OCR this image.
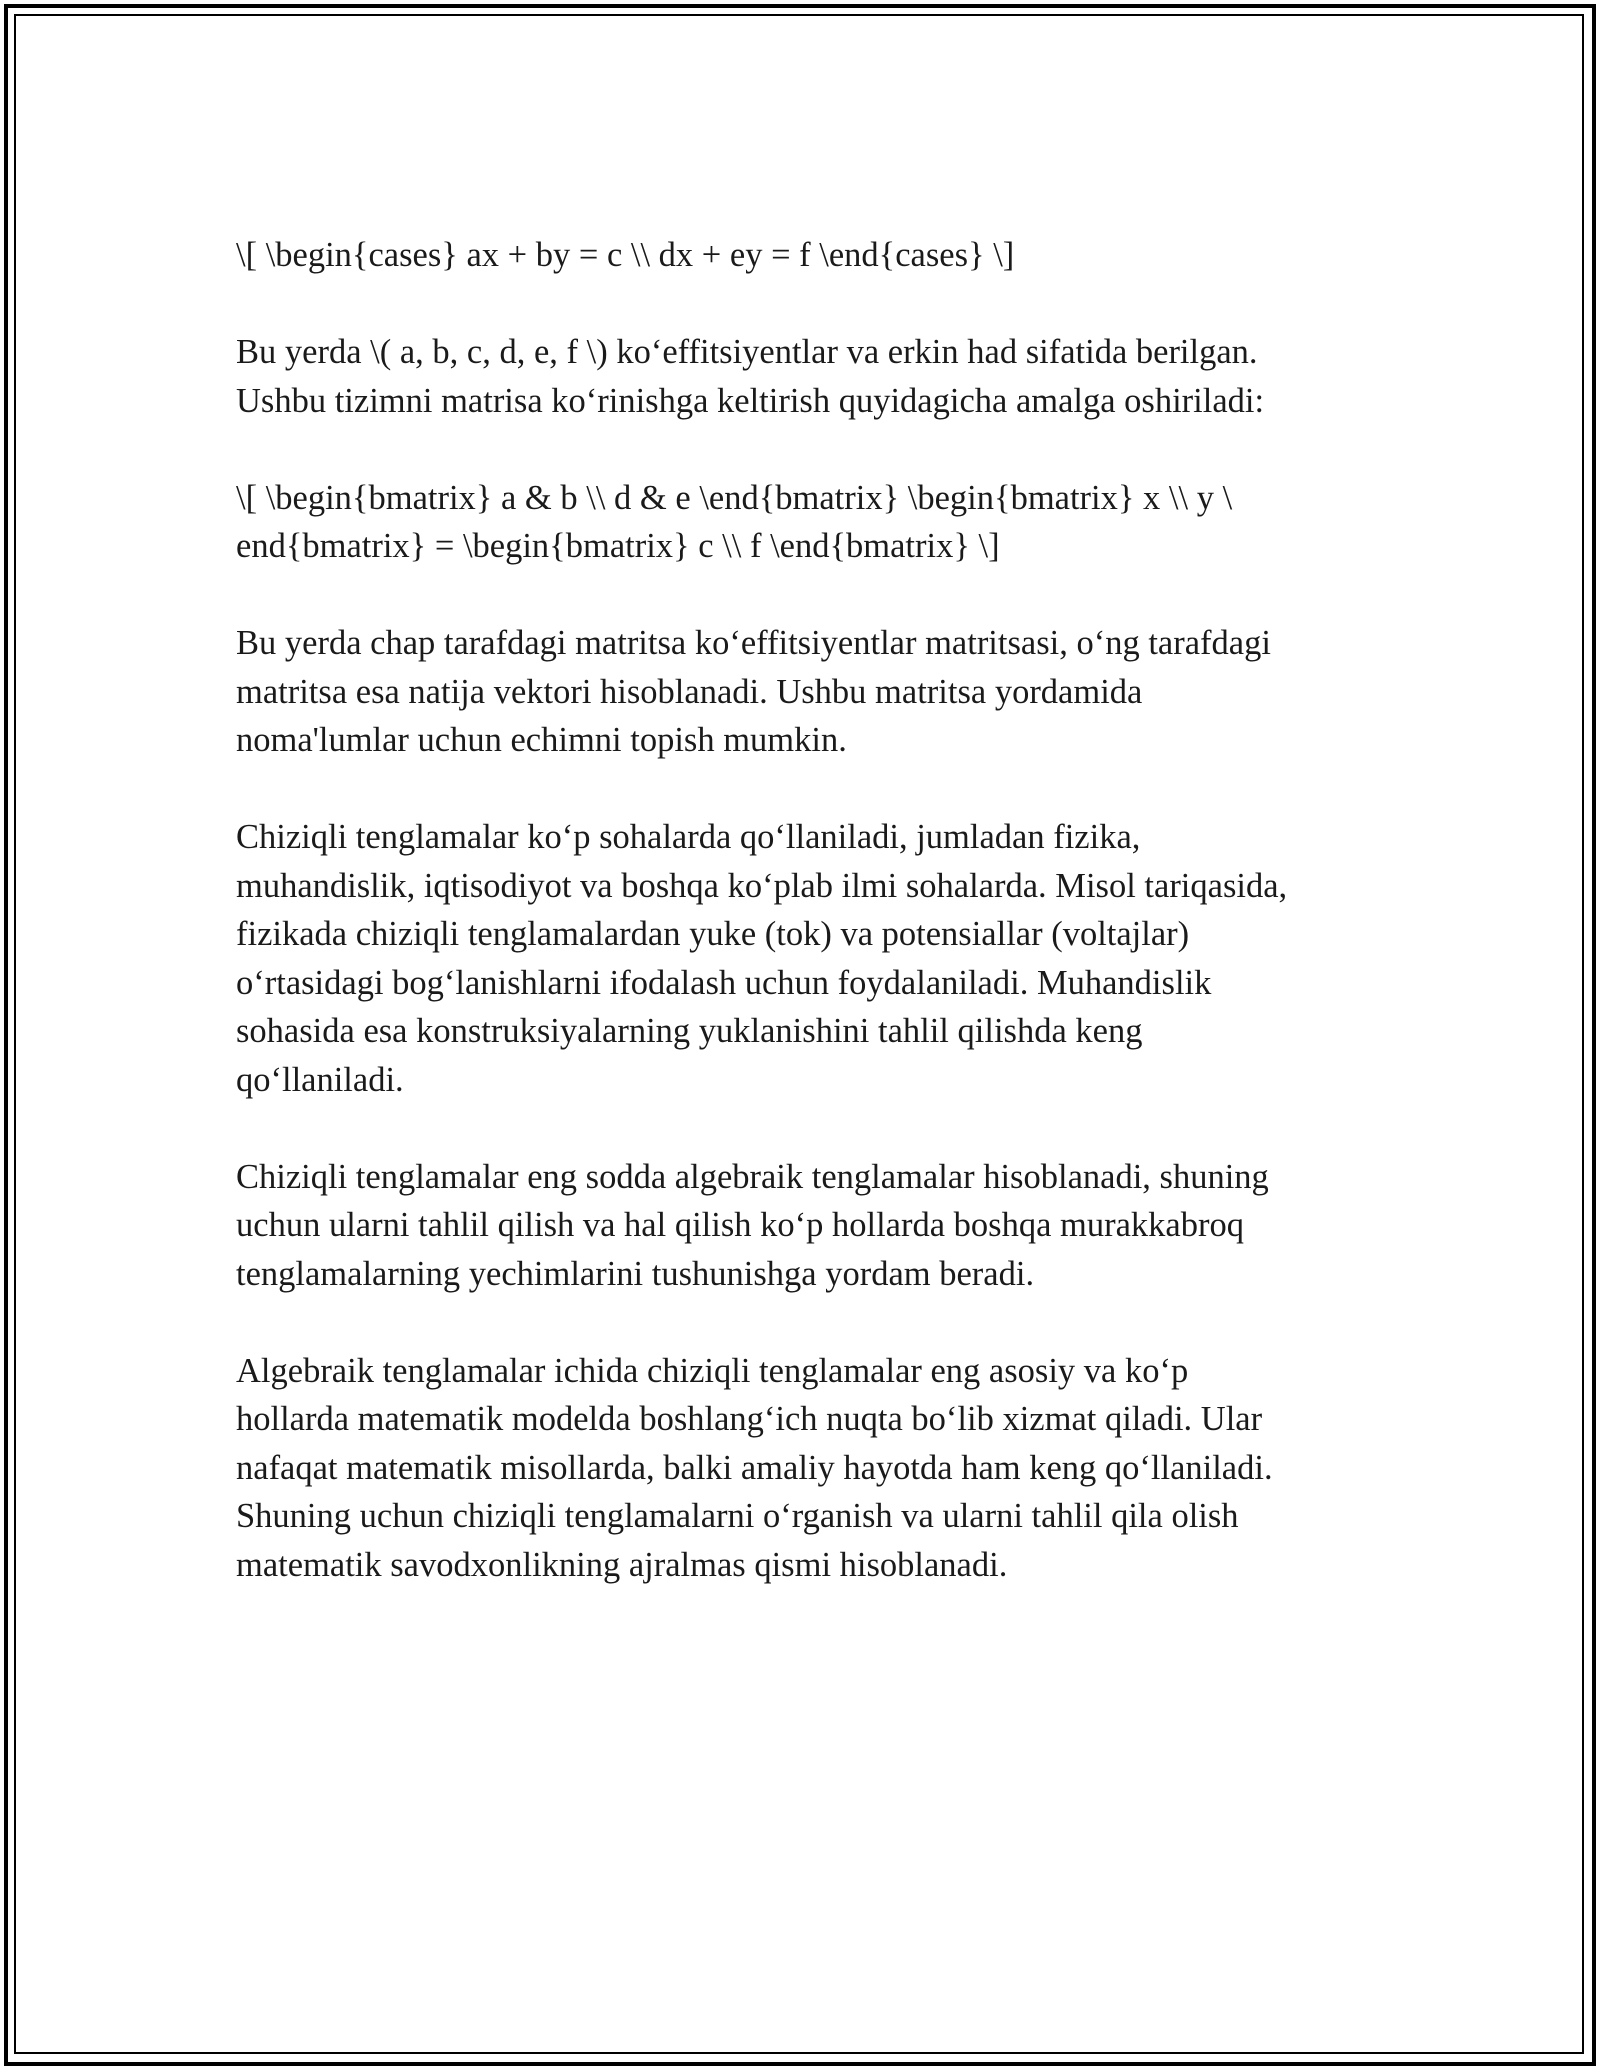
\[ \begin{cases} ax + by = c \\ dx + ey = f \end{cases} \]

Bu yerda \( a, b, c, d, e, f \) ko‘effitsiyentlar va erkin had sifatida berilgan.
Ushbu tizimni matrisa ko‘rinishga keltirish quyidagicha amalga oshiriladi:

\[ \begin{bmatrix} a & b \\ d & e \end{bmatrix} \begin{bmatrix} x \\ y \
end{bmatrix} = \begin{bmatrix} c \\ f \end{bmatrix} \]

Bu yerda chap tarafdagi matritsa ko‘effitsiyentlar matritsasi, o‘ng tarafdagi
matritsa esa natija vektori hisoblanadi. Ushbu matritsa yordamida
noma'lumlar uchun echimni topish mumkin.

Chiziqli tenglamalar ko‘p sohalarda qo‘llaniladi, jumladan fizika,
muhandislik, iqtisodiyot va boshqa ko‘plab ilmi sohalarda. Misol tariqasida,
fizikada chiziqli tenglamalardan yuke (tok) va potensiallar (voltajlar)
o‘rtasidagi bog‘lanishlarni ifodalash uchun foydalaniladi. Muhandislik
sohasida esa konstruksiyalarning yuklanishini tahlil qilishda keng
qo‘llaniladi.

Chiziqli tenglamalar eng sodda algebraik tenglamalar hisoblanadi, shuning
uchun ularni tahlil qilish va hal qilish ko‘p hollarda boshqa murakkabroq
tenglamalarning yechimlarini tushunishga yordam beradi.

Algebraik tenglamalar ichida chiziqli tenglamalar eng asosiy va ko‘p
hollarda matematik modelda boshlang‘ich nuqta bo‘lib xizmat qiladi. Ular
nafaqat matematik misollarda, balki amaliy hayotda ham keng qo‘llaniladi.
Shuning uchun chiziqli tenglamalarni o‘rganish va ularni tahlil qila olish
matematik savodxonlikning ajralmas qismi hisoblanadi.
